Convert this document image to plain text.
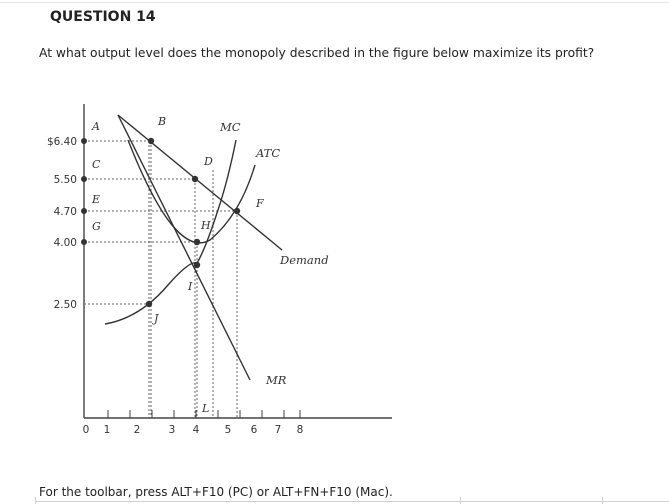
QUESTION 14
At what output level does the monopoly described in the figure below maximize its profit?
$6.40
5.50
4.70
4.00
2.50
0 1 2	3 4 5 6 7 8
A	B
C	D
E	F
G	H
I
J
L
MC
ATC
Demand
MR
For the toolbar, press ALT+F10 (PC) or ALT+FN+F10 (Mac).
